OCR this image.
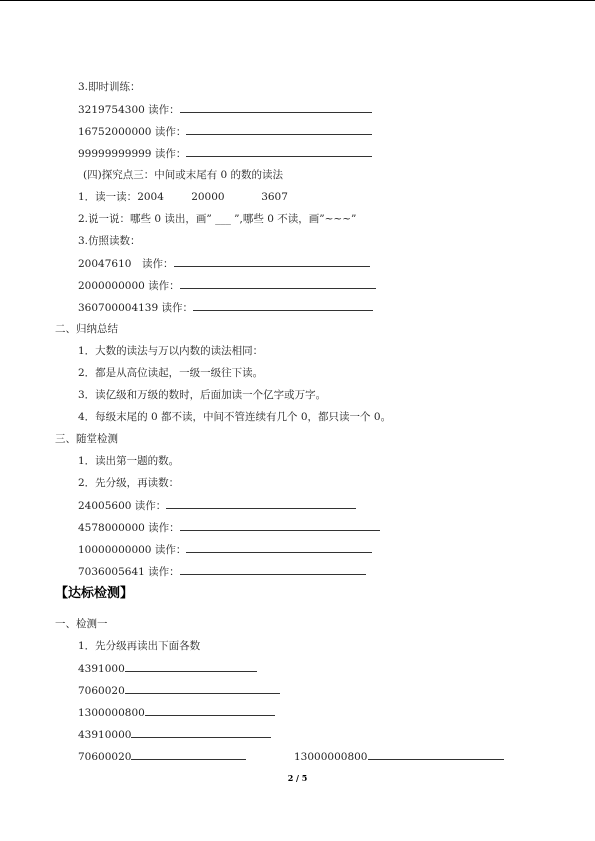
3.即时训练：
3219754300 读作：
16752000000 读作：
99999999999 读作：
(四)探究点三：中间或末尾有 0 的数的读法
1．读一读：2004	20000	3607
2.说一说：哪些 0 读出，画” ___ ”,哪些 0 不读，画”~~~”
3.仿照读数：
20047610 读作：
2000000000 读作：
360700004139 读作：
二、归纳总结
1．大数的读法与万以内数的读法相同：
2．都是从高位读起，一级一级往下读。
3．读亿级和万级的数时，后面加读一个亿字或万字。
4．每级末尾的 0 都不读，中间不管连续有几个 0，都只读一个 0。
三、随堂检测
1．读出第一题的数。
2．先分级，再读数：
24005600 读作：
4578000000 读作：
10000000000 读作：
7036005641 读作：
【达标检测】
一、检测一
1．先分级再读出下面各数
4391000
7060020
1300000800
43910000
70600020	13000000800
2 / 5
